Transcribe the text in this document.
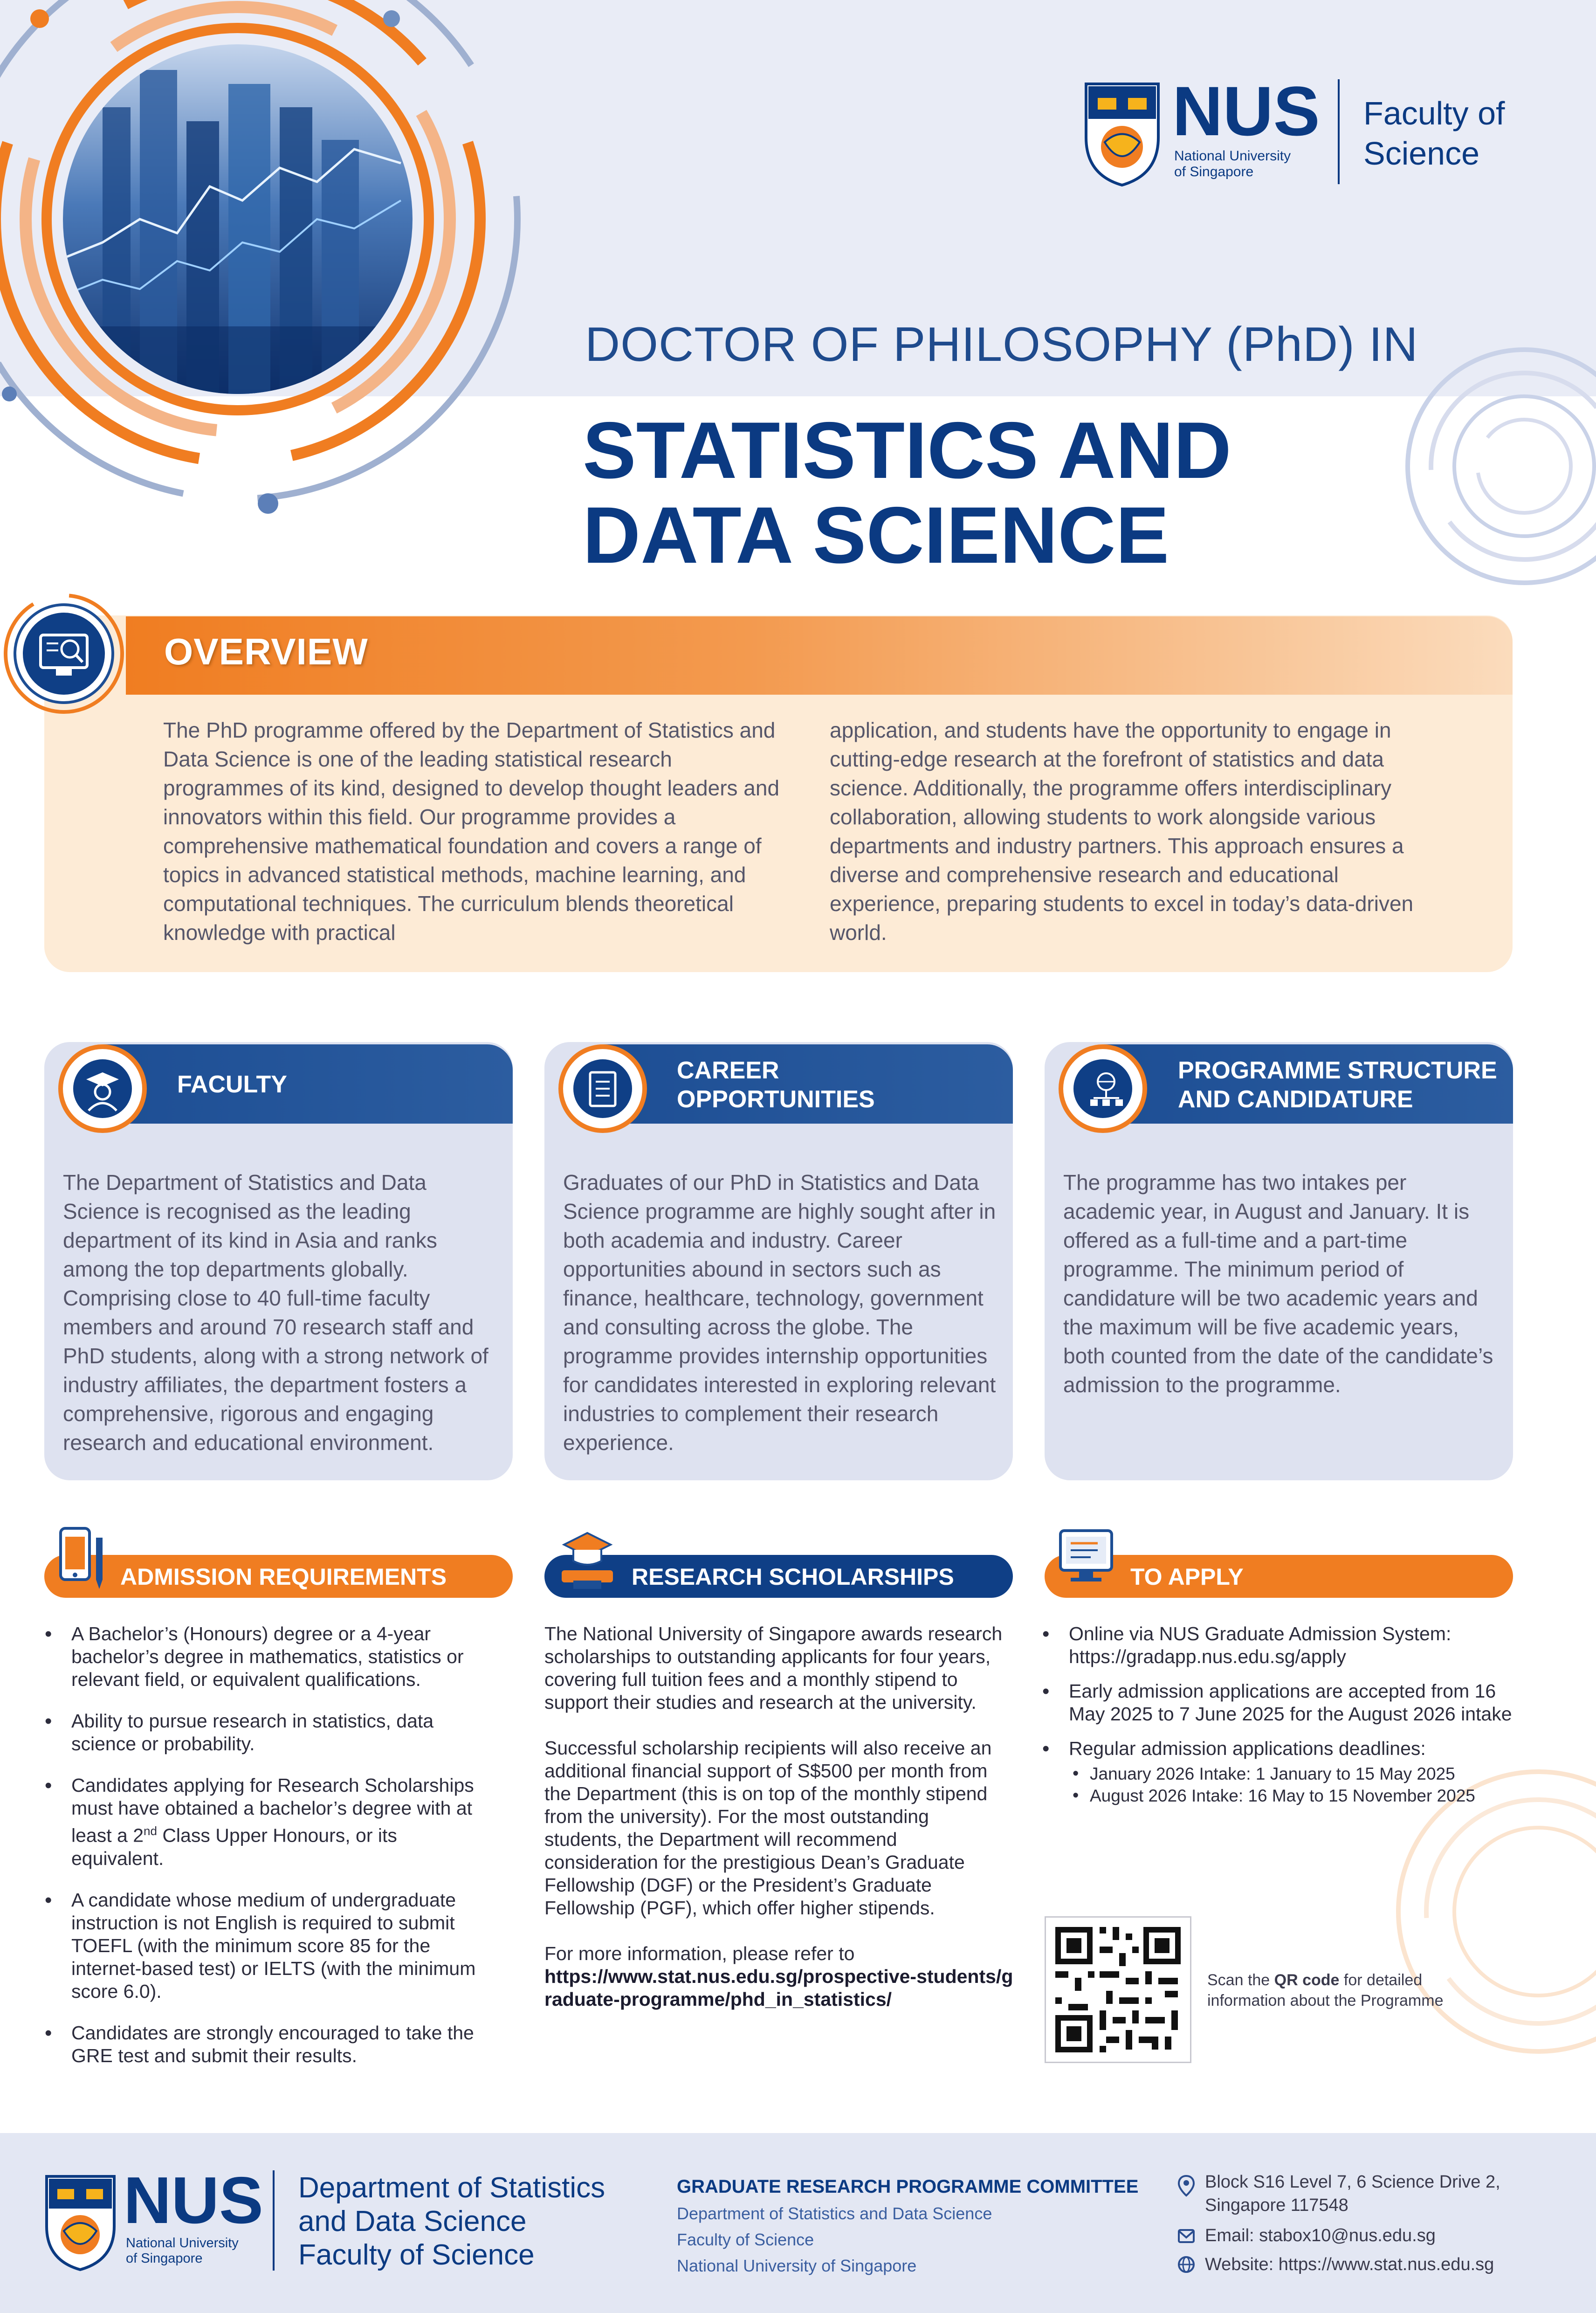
NUS
National University
of Singapore
Faculty of
Science
DOCTOR OF PHILOSOPHY (PhD) IN
STATISTICS AND
DATA SCIENCE
OVERVIEW
The PhD programme offered by the Department of Statistics and Data Science is one of the leading statistical research programmes of its kind, designed to develop thought leaders and innovators within this field. Our programme provides a comprehensive mathematical foundation and covers a range of topics in advanced statistical methods, machine learning, and computational techniques. The curriculum blends theoretical knowledge with practical
application, and students have the opportunity to engage in cutting-edge research at the forefront of statistics and data science. Additionally, the programme offers interdisciplinary collaboration, allowing students to work alongside various departments and industry partners. This approach ensures a diverse and comprehensive research and educational experience, preparing students to excel in today’s data-driven world.
FACULTY
The Department of Statistics and Data Science is recognised as the leading department of its kind in Asia and ranks among the top departments globally. Comprising close to 40 full-time faculty members and around 70 research staff and PhD students, along with a strong network of industry affiliates, the department fosters a comprehensive, rigorous and engaging research and educational environment.
CAREER
OPPORTUNITIES
Graduates of our PhD in Statistics and Data Science programme are highly sought after in both academia and industry. Career opportunities abound in sectors such as finance, healthcare, technology, government and consulting across the globe. The programme provides internship opportunities for candidates interested in exploring relevant industries to complement their research experience.
PROGRAMME STRUCTURE
AND CANDIDATURE
The programme has two intakes per academic year, in August and January. It is offered as a full-time and a part-time programme. The minimum period of candidature will be two academic years and the maximum will be five academic years, both counted from the date of the candidate’s admission to the programme.
ADMISSION REQUIREMENTS
• A Bachelor’s (Honours) degree or a 4-year bachelor’s degree in mathematics, statistics or relevant field, or equivalent qualifications.
• Ability to pursue research in statistics, data science or probability.
• Candidates applying for Research Scholarships must have obtained a bachelor’s degree with at least a 2nd Class Upper Honours, or its equivalent.
• A candidate whose medium of undergraduate instruction is not English is required to submit TOEFL (with the minimum score 85 for the internet-based test) or IELTS (with the minimum score 6.0).
• Candidates are strongly encouraged to take the GRE test and submit their results.
RESEARCH SCHOLARSHIPS
The National University of Singapore awards research scholarships to outstanding applicants for four years, covering full tuition fees and a monthly stipend to support their studies and research at the university.
Successful scholarship recipients will also receive an additional financial support of S$500 per month from the Department (this is on top of the monthly stipend from the university). For the most outstanding students, the Department will recommend consideration for the prestigious Dean’s Graduate Fellowship (DGF) or the President’s Graduate Fellowship (PGF), which offer higher stipends.
For more information, please refer to
https://www.stat.nus.edu.sg/prospective-students/graduate-programme/phd_in_statistics/
TO APPLY
• Online via NUS Graduate Admission System:
https://gradapp.nus.edu.sg/apply
• Early admission applications are accepted from 16 May 2025 to 7 June 2025 for the August 2026 intake
• Regular admission applications deadlines:
• January 2026 Intake: 1 January to 15 May 2025
• August 2026 Intake: 16 May to 15 November 2025
Scan the QR code for detailed information about the Programme
NUS
National University
of Singapore
Department of Statistics
and Data Science
Faculty of Science
GRADUATE RESEARCH PROGRAMME COMMITTEE
Department of Statistics and Data Science
Faculty of Science
National University of Singapore
Block S16 Level 7, 6 Science Drive 2,
Singapore 117548
Email: stabox10@nus.edu.sg
Website: https://www.stat.nus.edu.sg
